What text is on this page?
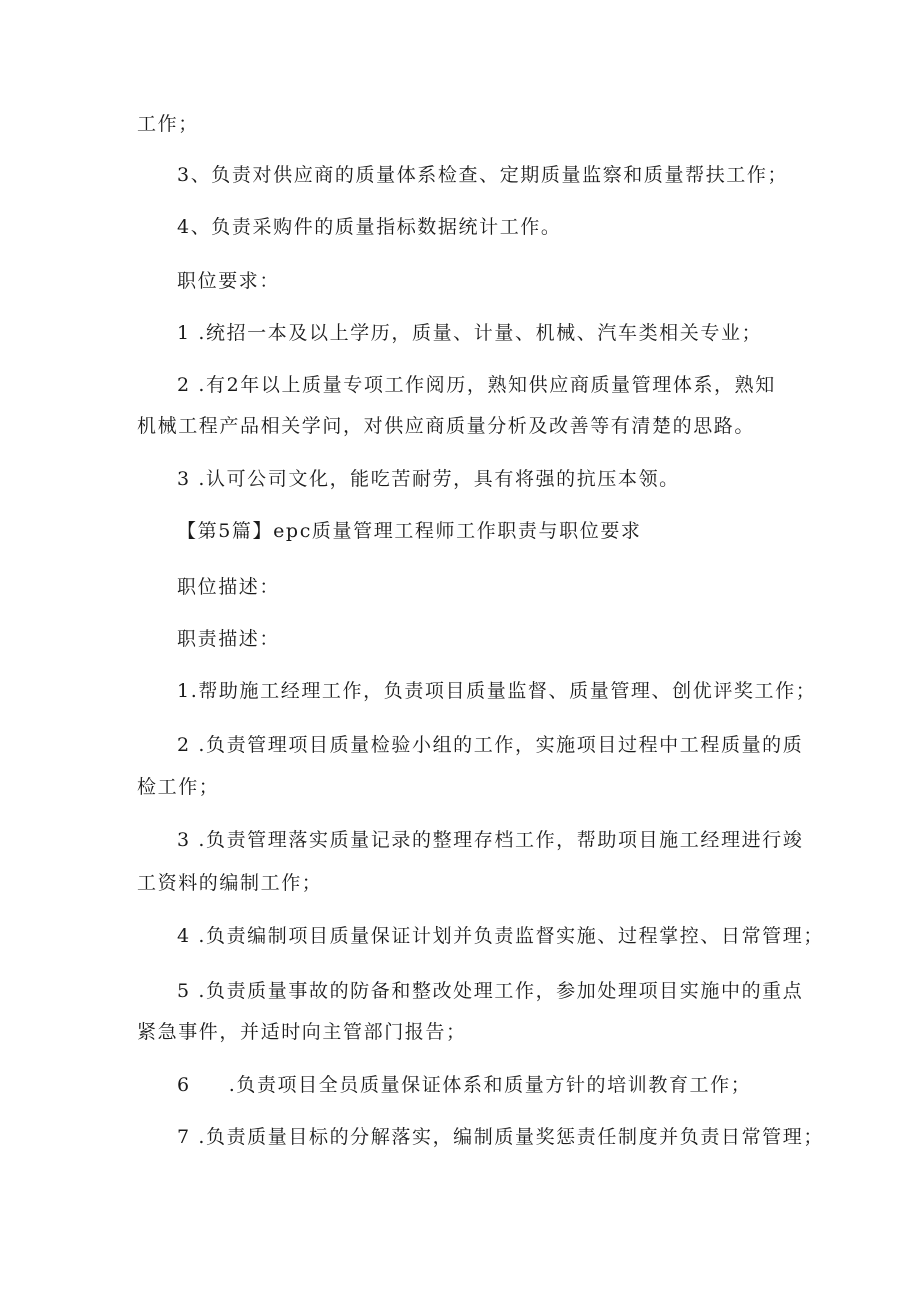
工作；
3、负责对供应商的质量体系检查、定期质量监察和质量帮扶工作；
4、负责采购件的质量指标数据统计工作。
职位要求：
1 .统招一本及以上学历，质量、计量、机械、汽车类相关专业；
2 .有2年以上质量专项工作阅历，熟知供应商质量管理体系，熟知
机械工程产品相关学问，对供应商质量分析及改善等有清楚的思路。
3 .认可公司文化，能吃苦耐劳，具有将强的抗压本领。
【第5篇】epc质量管理工程师工作职责与职位要求
职位描述：
职责描述：
1.帮助施工经理工作，负责项目质量监督、质量管理、创优评奖工作；
2 .负责管理项目质量检验小组的工作，实施项目过程中工程质量的质
检工作；
3 .负责管理落实质量记录的整理存档工作，帮助项目施工经理进行竣
工资料的编制工作；
4 .负责编制项目质量保证计划并负责监督实施、过程掌控、日常管理；
5 .负责质量事故的防备和整改处理工作，参加处理项目实施中的重点
紧急事件，并适时向主管部门报告；
6 .负责项目全员质量保证体系和质量方针的培训教育工作；
7 .负责质量目标的分解落实，编制质量奖惩责任制度并负责日常管理；
